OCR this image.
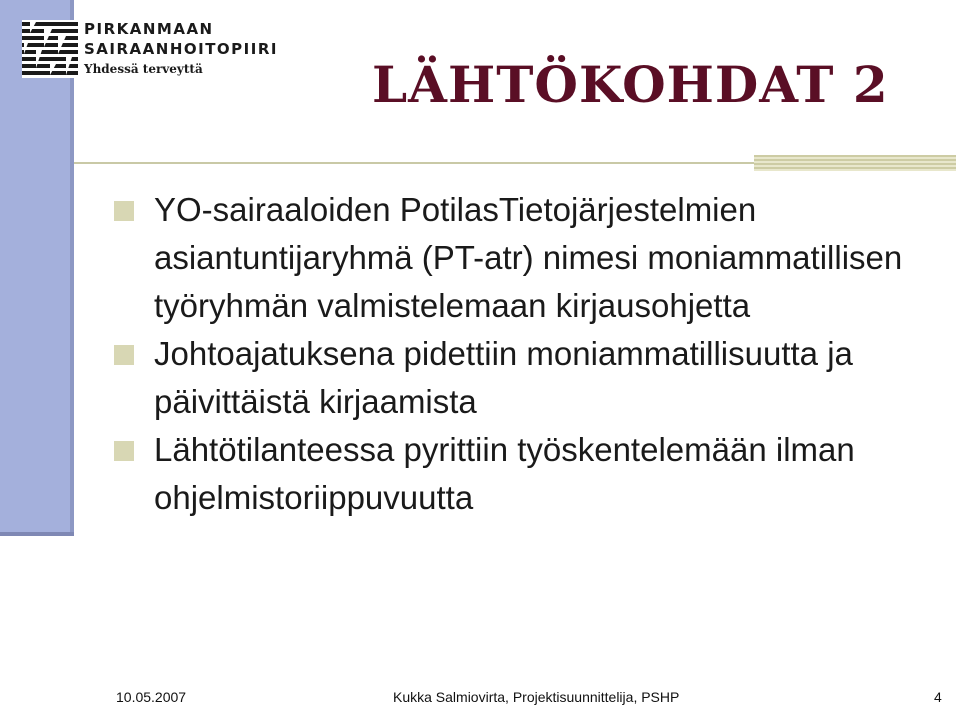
PIRKANMAAN
SAIRAANHOITOPIIRI
Yhdessä terveyttä	LÄHTÖKOHDAT 2
YO-sairaaloiden PotilasTietojärjestelmien asiantuntijaryhmä (PT-atr) nimesi moniammatillisen työryhmän valmistelemaan kirjausohjetta
Johtoajatuksena pidettiin moniammatillisuutta ja päivittäistä kirjaamista
Lähtötilanteessa pyrittiin työskentelemään ilman ohjelmistoriippuvuutta
10.05.2007	Kukka Salmiovirta, Projektisuunnittelija, PSHP	4
